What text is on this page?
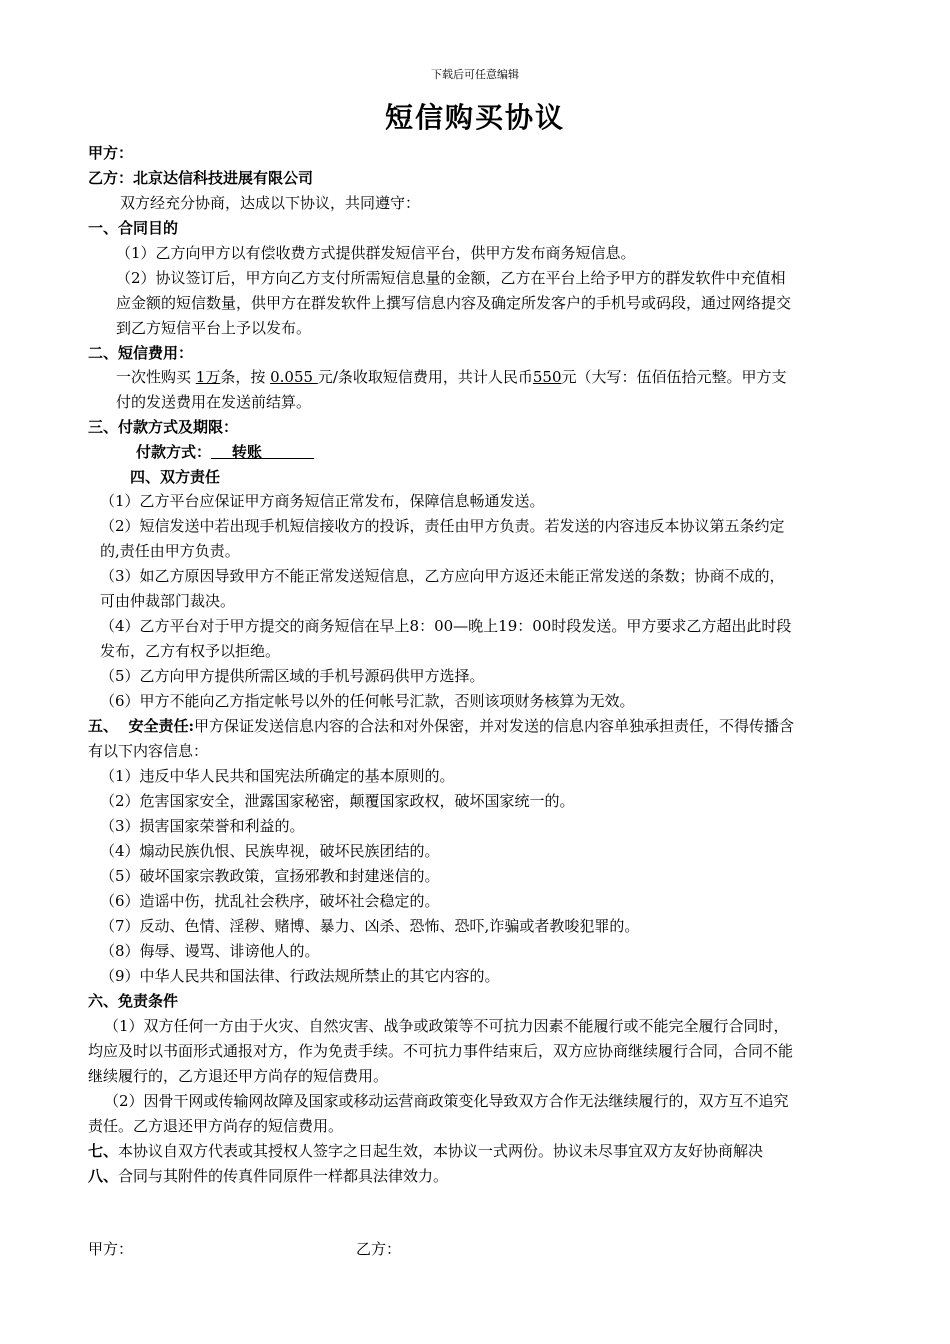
下载后可任意编辑
短信购买协议
甲方：
乙方：北京达信科技进展有限公司
双方经充分协商，达成以下协议，共同遵守：
一、合同目的
（1）乙方向甲方以有偿收费方式提供群发短信平台，供甲方发布商务短信息。
（2）协议签订后，甲方向乙方支付所需短信息量的金额，乙方在平台上给予甲方的群发软件中充值相
应金额的短信数量，供甲方在群发软件上撰写信息内容及确定所发客户的手机号或码段，通过网络提交
到乙方短信平台上予以发布。
二、短信费用：
一次性购买 1万条，按 0.055 元/条收取短信费用，共计人民币550元（大写：伍佰伍拾元整。甲方支
付的发送费用在发送前结算。
三、付款方式及期限：
付款方式：    转账
四、双方责任
（1）乙方平台应保证甲方商务短信正常发布，保障信息畅通发送。
（2）短信发送中若出现手机短信接收方的投诉，责任由甲方负责。若发送的内容违反本协议第五条约定
的,责任由甲方负责。
（3）如乙方原因导致甲方不能正常发送短信息，乙方应向甲方返还未能正常发送的条数；协商不成的，
可由仲裁部门裁决。
（4）乙方平台对于甲方提交的商务短信在早上8：00—晚上19：00时段发送。甲方要求乙方超出此时段
发布，乙方有权予以拒绝。
（5）乙方向甲方提供所需区域的手机号源码供甲方选择。
（6）甲方不能向乙方指定帐号以外的任何帐号汇款，否则该项财务核算为无效。
五、  安全责任:甲方保证发送信息内容的合法和对外保密，并对发送的信息内容单独承担责任，不得传播含
有以下内容信息：
（1）违反中华人民共和国宪法所确定的基本原则的。
（2）危害国家安全，泄露国家秘密，颠覆国家政权，破坏国家统一的。
（3）损害国家荣誉和利益的。
（4）煽动民族仇恨、民族卑视，破坏民族团结的。
（5）破坏国家宗教政策，宣扬邪教和封建迷信的。
（6）造谣中伤，扰乱社会秩序，破坏社会稳定的。
（7）反动、色情、淫秽、赌博、暴力、凶杀、恐怖、恐吓,诈骗或者教唆犯罪的。
（8）侮辱、谩骂、诽谤他人的。
（9）中华人民共和国法律、行政法规所禁止的其它内容的。
六、免责条件
（1）双方任何一方由于火灾、自然灾害、战争或政策等不可抗力因素不能履行或不能完全履行合同时，
均应及时以书面形式通报对方，作为免责手续。不可抗力事件结束后，双方应协商继续履行合同，合同不能
继续履行的，乙方退还甲方尚存的短信费用。
（2）因骨干网或传输网故障及国家或移动运营商政策变化导致双方合作无法继续履行的，双方互不追究
责任。乙方退还甲方尚存的短信费用。
七、本协议自双方代表或其授权人签字之日起生效，本协议一式两份。协议未尽事宜双方友好协商解决
八、合同与其附件的传真件同原件一样都具法律效力。
甲方：	乙方：
